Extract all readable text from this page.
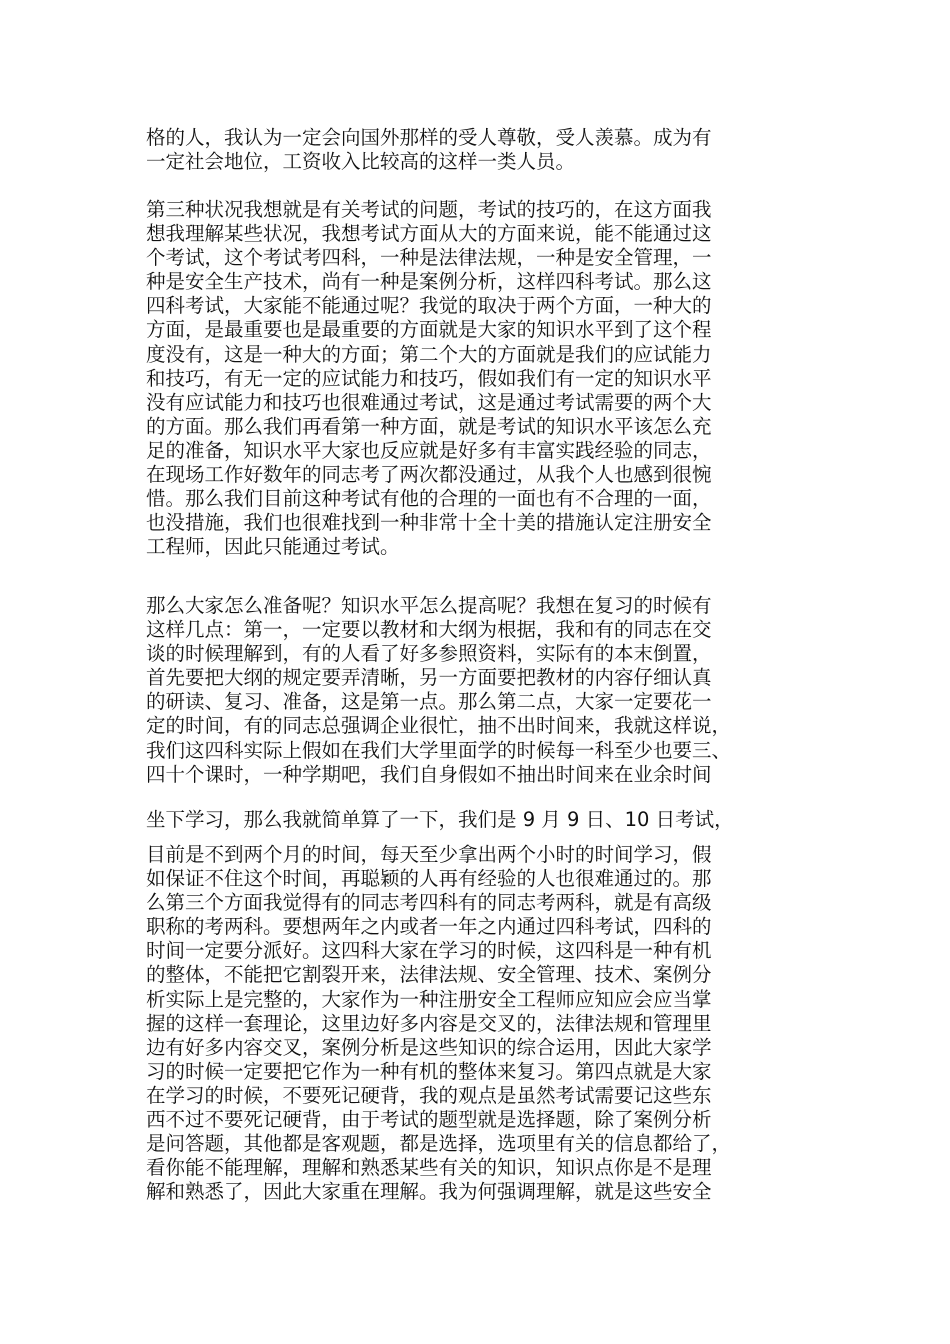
格的人，我认为一定会向国外那样的受人尊敬，受人羡慕。成为有
一定社会地位，工资收入比较高的这样一类人员。
第三种状况我想就是有关考试的问题，考试的技巧的，在这方面我
想我理解某些状况，我想考试方面从大的方面来说，能不能通过这
个考试，这个考试考四科，一种是法律法规，一种是安全管理，一
种是安全生产技术，尚有一种是案例分析，这样四科考试。那么这
四科考试，大家能不能通过呢？我觉的取决于两个方面，一种大的
方面，是最重要也是最重要的方面就是大家的知识水平到了这个程
度没有，这是一种大的方面；第二个大的方面就是我们的应试能力
和技巧，有无一定的应试能力和技巧，假如我们有一定的知识水平
没有应试能力和技巧也很难通过考试，这是通过考试需要的两个大
的方面。那么我们再看第一种方面，就是考试的知识水平该怎么充
足的准备，知识水平大家也反应就是好多有丰富实践经验的同志，
在现场工作好数年的同志考了两次都没通过，从我个人也感到很惋
惜。那么我们目前这种考试有他的合理的一面也有不合理的一面，
也没措施，我们也很难找到一种非常十全十美的措施认定注册安全
工程师，因此只能通过考试。
那么大家怎么准备呢？知识水平怎么提高呢？我想在复习的时候有
这样几点：第一，一定要以教材和大纲为根据，我和有的同志在交
谈的时候理解到，有的人看了好多参照资料，实际有的本末倒置，
首先要把大纲的规定要弄清晰，另一方面要把教材的内容仔细认真
的研读、复习、准备，这是第一点。那么第二点，大家一定要花一
定的时间，有的同志总强调企业很忙，抽不出时间来，我就这样说，
我们这四科实际上假如在我们大学里面学的时候每一科至少也要三、
四十个课时，一种学期吧，我们自身假如不抽出时间来在业余时间
坐下学习，那么我就简单算了一下，我们是 9 月 9 日、10 日考试，
目前是不到两个月的时间，每天至少拿出两个小时的时间学习，假
如保证不住这个时间，再聪颖的人再有经验的人也很难通过的。那
么第三个方面我觉得有的同志考四科有的同志考两科，就是有高级
职称的考两科。要想两年之内或者一年之内通过四科考试，四科的
时间一定要分派好。这四科大家在学习的时候，这四科是一种有机
的整体，不能把它割裂开来，法律法规、安全管理、技术、案例分
析实际上是完整的，大家作为一种注册安全工程师应知应会应当掌
握的这样一套理论，这里边好多内容是交叉的，法律法规和管理里
边有好多内容交叉，案例分析是这些知识的综合运用，因此大家学
习的时候一定要把它作为一种有机的整体来复习。第四点就是大家
在学习的时候，不要死记硬背，我的观点是虽然考试需要记这些东
西不过不要死记硬背，由于考试的题型就是选择题，除了案例分析
是问答题，其他都是客观题，都是选择，选项里有关的信息都给了，
看你能不能理解，理解和熟悉某些有关的知识，知识点你是不是理
解和熟悉了，因此大家重在理解。我为何强调理解，就是这些安全
